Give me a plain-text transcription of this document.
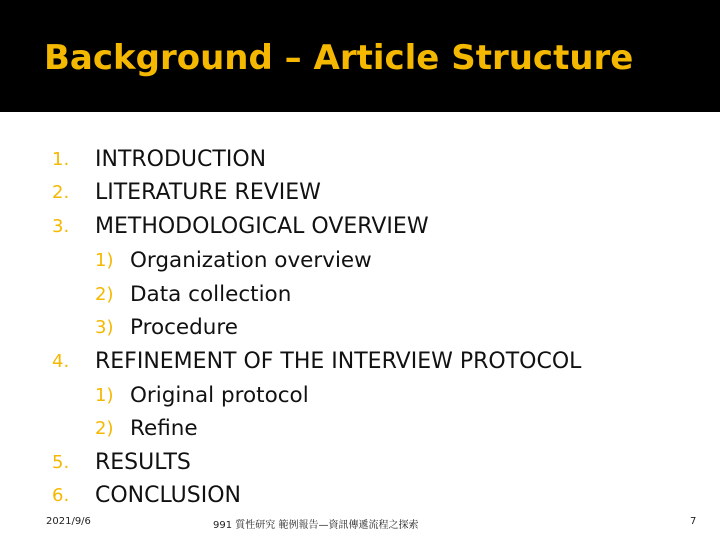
Background – Article Structure
1. INTRODUCTION
2. LITERATURE REVIEW
3. METHODOLOGICAL OVERVIEW
1) Organization overview
2) Data collection
3) Procedure
4. REFINEMENT OF THE INTERVIEW PROTOCOL
1) Original protocol
2) Refine
5. RESULTS
6. CONCLUSION
2021/9/6	991 質性研究 範例報告—資訊傳遞流程之探索	7
